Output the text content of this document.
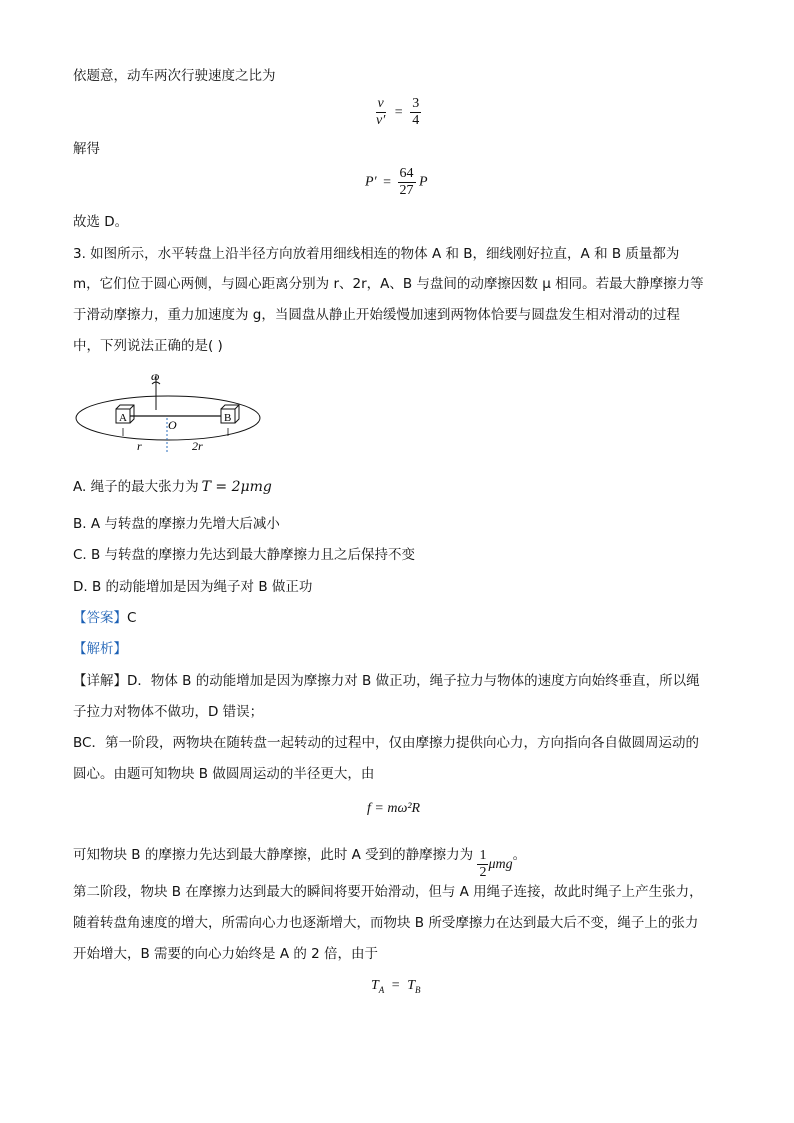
依题意，动车两次行驶速度之比为
$\frac{v}{v'} = \frac{3}{4}$
解得
$P' = \frac{64}{27}$ P
故选 D。
3. 如图所示，水平转盘上沿半径方向放着用细线相连的物体 A 和 B，细线刚好拉直，A 和 B 质量都为
m，它们位于圆心两侧，与圆心距离分别为 r、2r，A、B 与盘间的动摩擦因数 μ 相同。若最大静摩擦力等
于滑动摩擦力，重力加速度为 g，当圆盘从静止开始缓慢加速到两物体恰要与圆盘发生相对滑动的过程
中，下列说法正确的是( )
ω
A	B
O
r	2r
A. 绳子的最大张力为 T = 2μmg
B. A 与转盘的摩擦力先增大后减小
C. B 与转盘的摩擦力先达到最大静摩擦力且之后保持不变
D. B 的动能增加是因为绳子对 B 做正功
【答案】C
【解析】
【详解】D．物体 B 的动能增加是因为摩擦力对 B 做正功，绳子拉力与物体的速度方向始终垂直，所以绳
子拉力对物体不做功，D 错误；
BC．第一阶段，两物块在随转盘一起转动的过程中，仅由摩擦力提供向心力，方向指向各自做圆周运动的
圆心。由题可知物块 B 做圆周运动的半径更大，由
f = mω²R
可知物块 B 的摩擦力先达到最大静摩擦，此时 A 受到的静摩擦力为 $\frac{1}{2}$ μmg
。
第二阶段，物块 B 在摩擦力达到最大的瞬间将要开始滑动，但与 A 用绳子连接，故此时绳子上产生张力，
随着转盘角速度的增大，所需向心力也逐渐增大，而物块 B 所受摩擦力在达到最大后不变，绳子上的张力
开始增大，B 需要的向心力始终是 A 的 2 倍，由于
$T_A = T_B$
